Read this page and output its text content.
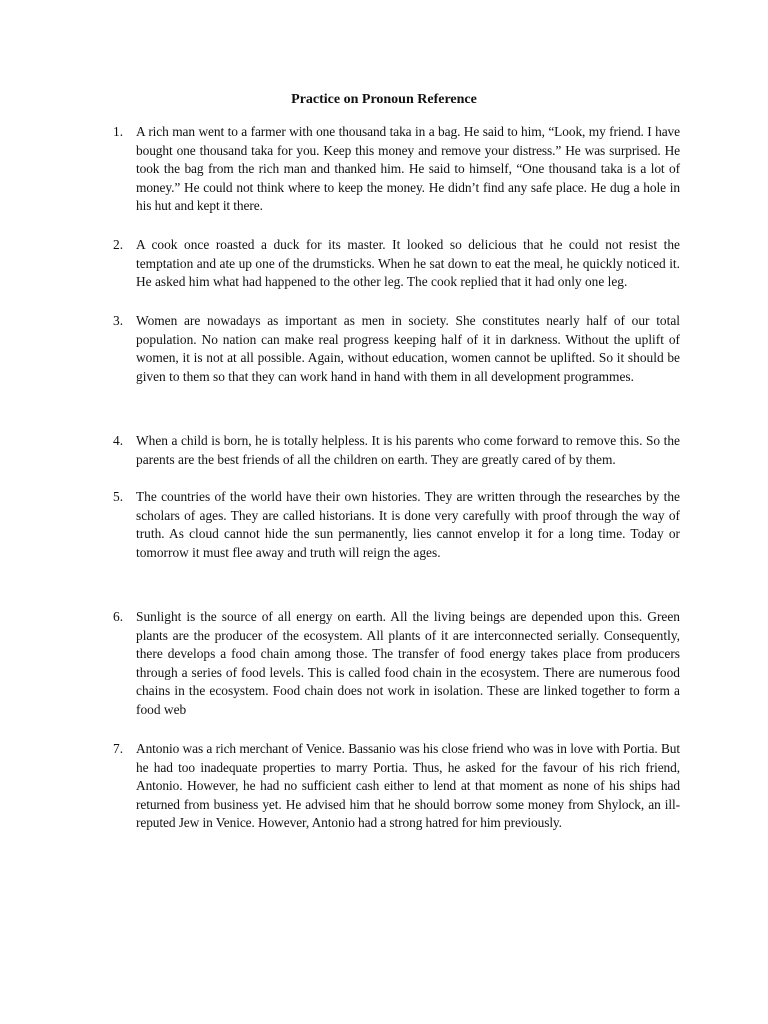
Practice on Pronoun Reference
1. A rich man went to a farmer with one thousand taka in a bag. He said to him, “Look, my friend. I have bought one thousand taka for you. Keep this money and remove your distress.” He was surprised. He took the bag from the rich man and thanked him. He said to himself, “One thousand taka is a lot of money.” He could not think where to keep the money. He didn’t find any safe place. He dug a hole in his hut and kept it there.
2. A cook once roasted a duck for its master. It looked so delicious that he could not resist the temptation and ate up one of the drumsticks. When he sat down to eat the meal, he quickly noticed it. He asked him what had happened to the other leg. The cook replied that it had only one leg.
3. Women are nowadays as important as men in society. She constitutes nearly half of our total population. No nation can make real progress keeping half of it in darkness. Without the uplift of women, it is not at all possible. Again, without education, women cannot be uplifted. So it should be given to them so that they can work hand in hand with them in all development programmes.
4. When a child is born, he is totally helpless. It is his parents who come forward to remove this. So the parents are the best friends of all the children on earth. They are greatly cared of by them.
5. The countries of the world have their own histories. They are written through the researches by the scholars of ages. They are called historians. It is done very carefully with proof through the way of truth. As cloud cannot hide the sun permanently, lies cannot envelop it for a long time. Today or tomorrow it must flee away and truth will reign the ages.
6. Sunlight is the source of all energy on earth. All the living beings are depended upon this. Green plants are the producer of the ecosystem. All plants of it are interconnected serially. Consequently, there develops a food chain among those. The transfer of food energy takes place from producers through a series of food levels. This is called food chain in the ecosystem. There are numerous food chains in the ecosystem. Food chain does not work in isolation. These are linked together to form a food web
7. Antonio was a rich merchant of Venice. Bassanio was his close friend who was in love with Portia. But he had too inadequate properties to marry Portia. Thus, he asked for the favour of his rich friend, Antonio. However, he had no sufficient cash either to lend at that moment as none of his ships had returned from business yet. He advised him that he should borrow some money from Shylock, an ill-reputed Jew in Venice. However, Antonio had a strong hatred for him previously.
